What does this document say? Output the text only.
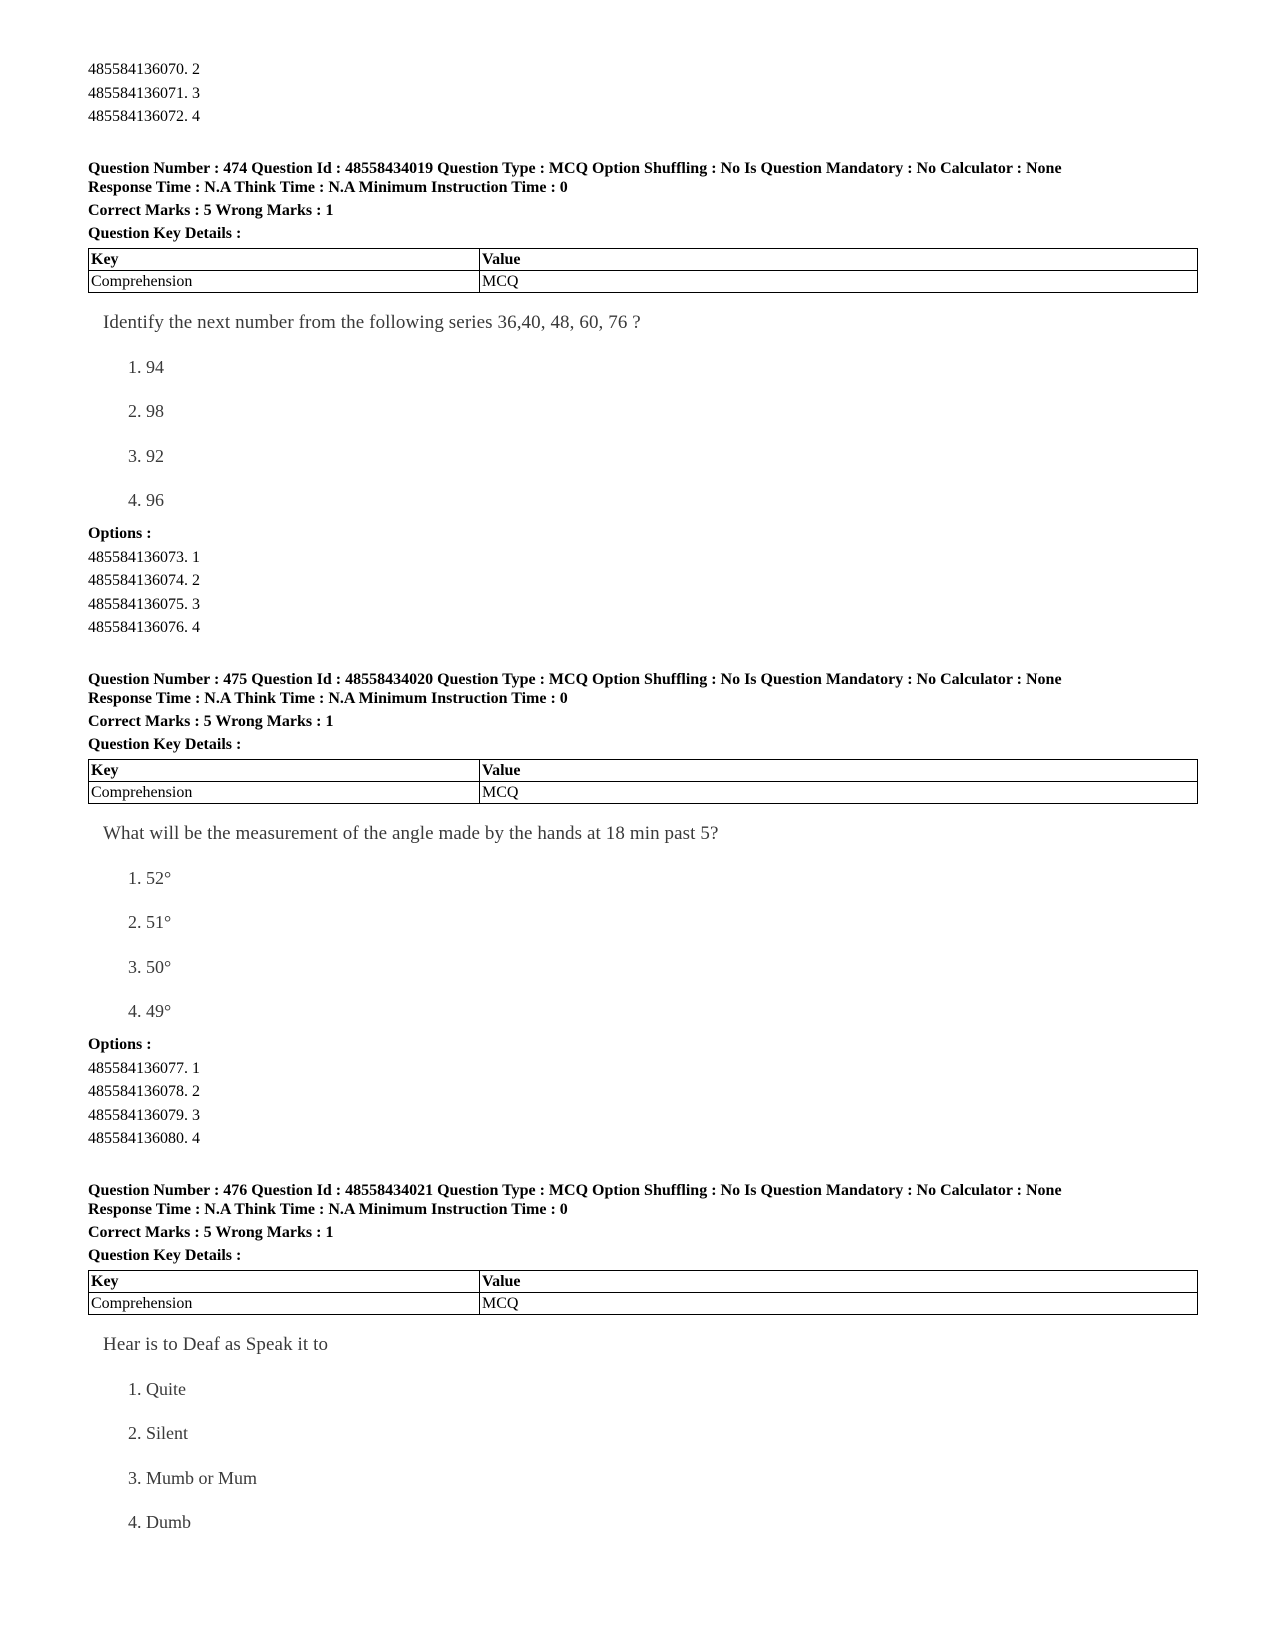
485584136070. 2
485584136071. 3
485584136072. 4
Question Number : 474 Question Id : 48558434019 Question Type : MCQ Option Shuffling : No Is Question Mandatory : No Calculator : None
Response Time : N.A Think Time : N.A Minimum Instruction Time : 0
Correct Marks : 5 Wrong Marks : 1
Question Key Details :
Key	Value
Comprehension	MCQ
Identify the next number from the following series 36,40, 48, 60, 76 ?
1. 94
2. 98
3. 92
4. 96
Options :
485584136073. 1
485584136074. 2
485584136075. 3
485584136076. 4
Question Number : 475 Question Id : 48558434020 Question Type : MCQ Option Shuffling : No Is Question Mandatory : No Calculator : None
Response Time : N.A Think Time : N.A Minimum Instruction Time : 0
Correct Marks : 5 Wrong Marks : 1
Question Key Details :
Key	Value
Comprehension	MCQ
What will be the measurement of the angle made by the hands at 18 min past 5?
1. 52°
2. 51°
3. 50°
4. 49°
Options :
485584136077. 1
485584136078. 2
485584136079. 3
485584136080. 4
Question Number : 476 Question Id : 48558434021 Question Type : MCQ Option Shuffling : No Is Question Mandatory : No Calculator : None
Response Time : N.A Think Time : N.A Minimum Instruction Time : 0
Correct Marks : 5 Wrong Marks : 1
Question Key Details :
Key	Value
Comprehension	MCQ
Hear is to Deaf as Speak it to
1. Quite
2. Silent
3. Mumb or Mum
4. Dumb
